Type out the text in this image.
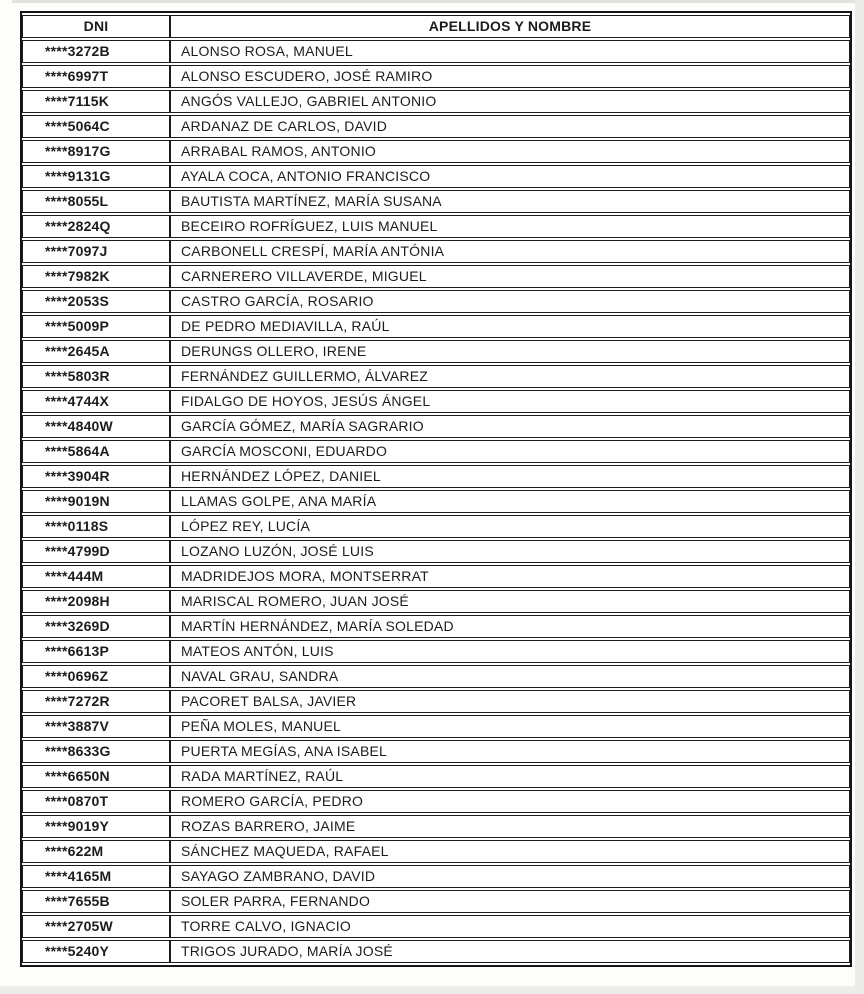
DNI	APELLIDOS Y NOMBRE
****3272B	ALONSO ROSA, MANUEL
****6997T	ALONSO ESCUDERO, JOSÉ RAMIRO
****7115K	ANGÓS VALLEJO, GABRIEL ANTONIO
****5064C	ARDANAZ DE CARLOS, DAVID
****8917G	ARRABAL RAMOS, ANTONIO
****9131G	AYALA COCA, ANTONIO FRANCISCO
****8055L	BAUTISTA MARTÍNEZ, MARÍA SUSANA
****2824Q	BECEIRO ROFRÍGUEZ, LUIS MANUEL
****7097J	CARBONELL CRESPÍ, MARÍA ANTÓNIA
****7982K	CARNERERO VILLAVERDE, MIGUEL
****2053S	CASTRO GARCÍA, ROSARIO
****5009P	DE PEDRO MEDIAVILLA, RAÚL
****2645A	DERUNGS OLLERO, IRENE
****5803R	FERNÁNDEZ GUILLERMO, ÁLVAREZ
****4744X	FIDALGO DE HOYOS, JESÚS ÁNGEL
****4840W	GARCÍA GÓMEZ, MARÍA SAGRARIO
****5864A	GARCÍA MOSCONI, EDUARDO
****3904R	HERNÁNDEZ LÓPEZ, DANIEL
****9019N	LLAMAS GOLPE, ANA MARÍA
****0118S	LÓPEZ REY, LUCÍA
****4799D	LOZANO LUZÓN, JOSÉ LUIS
****444M	MADRIDEJOS MORA, MONTSERRAT
****2098H	MARISCAL ROMERO, JUAN JOSÉ
****3269D	MARTÍN HERNÁNDEZ, MARÍA SOLEDAD
****6613P	MATEOS ANTÓN, LUIS
****0696Z	NAVAL GRAU, SANDRA
****7272R	PACORET BALSA, JAVIER
****3887V	PEÑA MOLES, MANUEL
****8633G	PUERTA MEGÍAS, ANA ISABEL
****6650N	RADA MARTÍNEZ, RAÚL
****0870T	ROMERO GARCÍA, PEDRO
****9019Y	ROZAS BARRERO, JAIME
****622M	SÁNCHEZ MAQUEDA, RAFAEL
****4165M	SAYAGO ZAMBRANO, DAVID
****7655B	SOLER PARRA, FERNANDO
****2705W	TORRE CALVO, IGNACIO
****5240Y	TRIGOS JURADO, MARÍA JOSÉ
